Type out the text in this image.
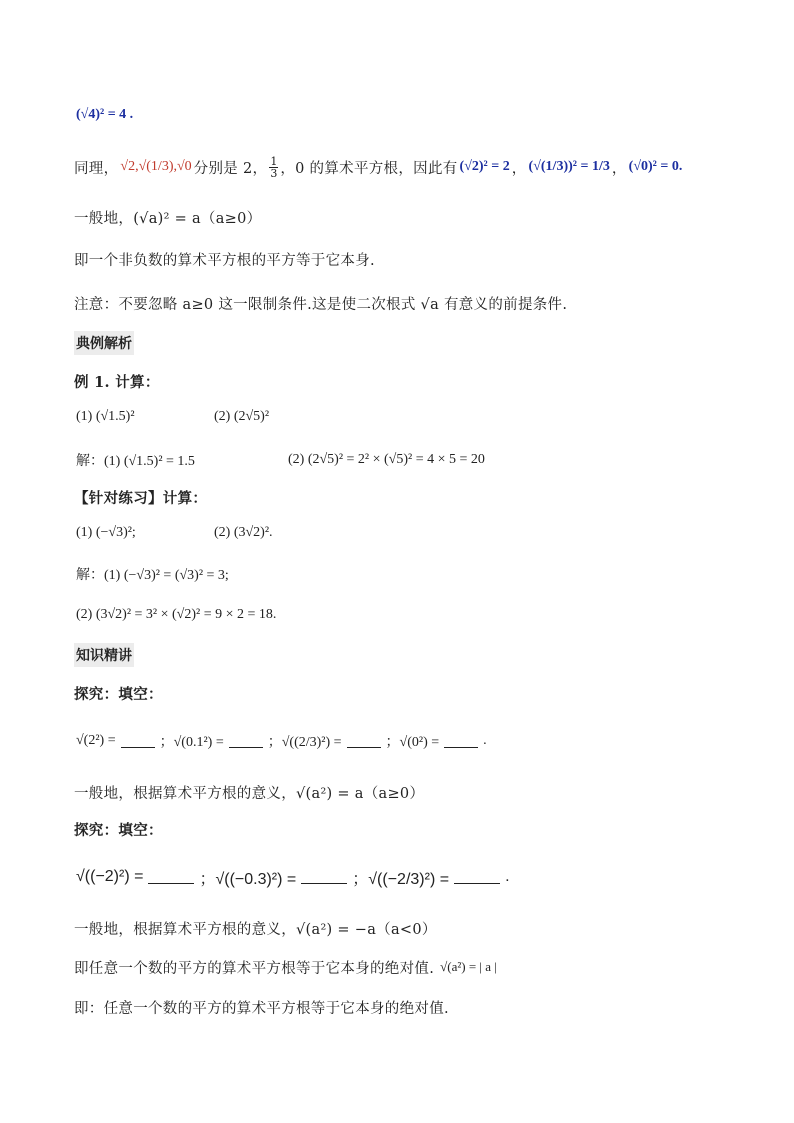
(√4)² = 4 .
同理， √2,√(1/3),√0 分别是 2， $\frac{1}{3}$ ，0 的算术平方根，因此有 (√2)² = 2 ， (√(1/3))² = 1/3 ， (√0)² = 0.
一般地，(√a)² = a（a≥0）
即一个非负数的算术平方根的平方等于它本身.
注意：不要忽略 a≥0 这一限制条件.这是使二次根式 √a 有意义的前提条件.
典例解析
例 1. 计算：
(1) (√1.5)²	(2) (2√5)²
解：(1) (√1.5)² = 1.5	(2) (2√5)² = 2² × (√5)² = 4 × 5 = 20
【针对练习】计算：
(1) (−√3)²;	(2) (3√2)².
解：(1) (−√3)² = (√3)² = 3;
(2) (3√2)² = 3² × (√2)² = 9 × 2 = 18.
知识精讲
探究：填空：
√(2²) =	；√(0.1²) =	；√((2/3)²) =	；√(0²) =	.
一般地，根据算术平方根的意义，√(a²) = a（a≥0）
探究：填空：
√((−2)²) =	；√((−0.3)²) =	；√((−2/3)²) =	.
一般地，根据算术平方根的意义，√(a²) = −a（a<0）
即任意一个数的平方的算术平方根等于它本身的绝对值. √(a²) = | a |
即：任意一个数的平方的算术平方根等于它本身的绝对值.
